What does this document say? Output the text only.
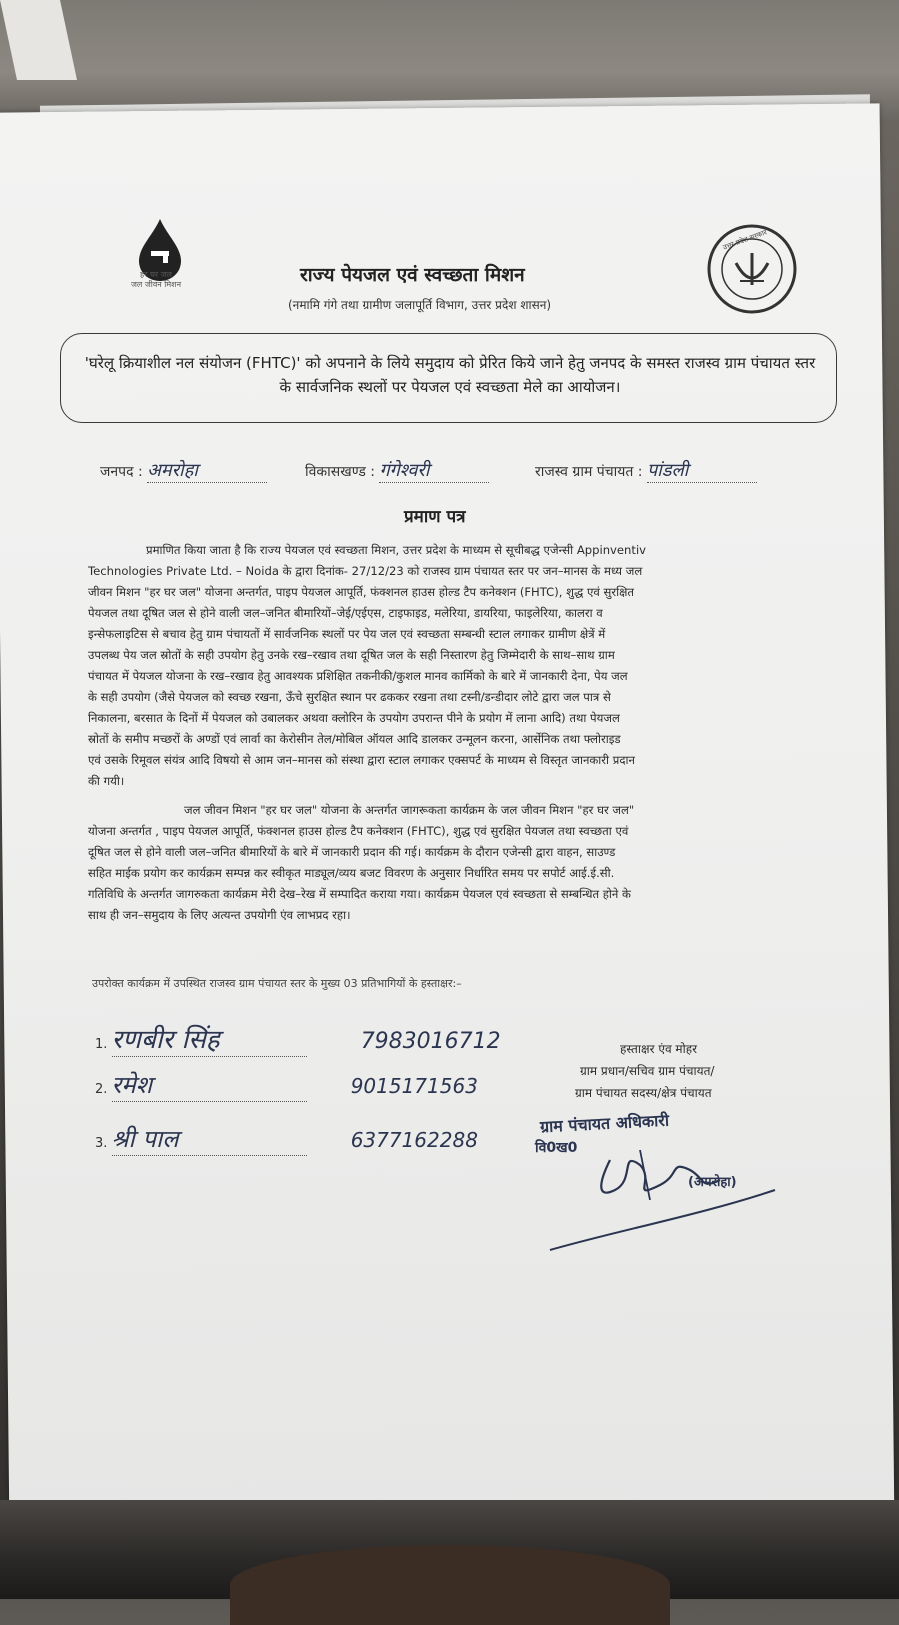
हर घर जल
जल जीवन मिशन	राज्य पेयजल एवं स्वच्छता मिशन
(नमामि गंगे तथा ग्रामीण जलापूर्ति विभाग, उत्तर प्रदेश शासन)
उत्तर प्रदेश सरकार
'घरेलू क्रियाशील नल संयोजन (FHTC)' को अपनाने के लिये समुदाय को प्रेरित किये जाने हेतु जनपद के समस्त राजस्व ग्राम पंचायत स्तर के सार्वजनिक स्थलों पर पेयजल एवं स्वच्छता मेले का आयोजन।
जनपद : अमरोहा	विकासखण्ड : गंगेश्वरी	राजस्व ग्राम पंचायत : पांडली
प्रमाण पत्र
प्रमाणित किया जाता है कि राज्य पेयजल एवं स्वच्छता मिशन, उत्तर प्रदेश के माध्यम से सूचीबद्ध एजेन्सी Appinventiv
Technologies Private Ltd. – Noida के द्वारा दिनांक- 27/12/23 को राजस्व ग्राम पंचायत स्तर पर जन–मानस के मध्य जल
जीवन मिशन "हर घर जल" योजना अन्तर्गत, पाइप पेयजल आपूर्ति, फंक्शनल हाउस होल्ड टैप कनेक्शन (FHTC), शुद्ध एवं सुरक्षित
पेयजल तथा दूषित जल से होने वाली जल–जनित बीमारियों–जेई/एईएस, टाइफाइड, मलेरिया, डायरिया, फाइलेरिया, कालरा व
इन्सेफलाइटिस से बचाव हेतु ग्राम पंचायतों में सार्वजनिक स्थलों पर पेय जल एवं स्वच्छता सम्बन्धी स्टाल लगाकर ग्रामीण क्षेत्रें में
उपलब्ध पेय जल स्रोतों के सही उपयोग हेतु उनके रख–रखाव तथा दूषित जल के सही निस्तारण हेतु जिम्मेदारी के साथ–साथ ग्राम
पंचायत में पेयजल योजना के रख–रखाव हेतु आवश्यक प्रशिक्षित तकनीकी/कुशल मानव कार्मिको के बारे में जानकारी देना, पेय जल
के सही उपयोग (जैसे पेयजल को स्वच्छ रखना, ऊँचे सुरक्षित स्थान पर ढककर रखना तथा टस्नी/डन्डीदार लोटे द्वारा जल पात्र से
निकालना, बरसात के दिनों में पेयजल को उबालकर अथवा क्लोरिन के उपयोग उपरान्त पीने के प्रयोग में लाना आदि) तथा पेयजल
स्रोतों के समीप मच्छरों के अण्डों एवं लार्वा का केरोसीन तेल/मोबिल ऑयल आदि डालकर उन्मूलन करना, आर्सेनिक तथा फ्लोराइड
एवं उसके रिमूवल संयंत्र आदि विषयो से आम जन–मानस को संस्था द्वारा स्टाल लगाकर एक्सपर्ट के माध्यम से विस्तृत जानकारी प्रदान
की गयी।
जल जीवन मिशन "हर घर जल" योजना के अन्तर्गत जागरूकता कार्यक्रम के जल जीवन मिशन "हर घर जल"
योजना अन्तर्गत , पाइप पेयजल आपूर्ति, फंक्शनल हाउस होल्ड टैप कनेक्शन (FHTC), शुद्ध एवं सुरक्षित पेयजल तथा स्वच्छता एवं
दूषित जल से होने वाली जल–जनित बीमारियों के बारे में जानकारी प्रदान की गई। कार्यक्रम के दौरान एजेन्सी द्वारा वाहन, साउण्ड
सहित माईक प्रयोग कर कार्यक्रम सम्पन्न कर स्वीकृत माड्यूल/व्यय बजट विवरण के अनुसार निर्धारित समय पर सपोर्ट आई.ई.सी.
गतिविधि के अन्तर्गत जागरुकता कार्यक्रम मेरी देख–रेख में सम्पादित कराया गया। कार्यक्रम पेयजल एवं स्वच्छता से सम्बन्धित होने के
साथ ही जन–समुदाय के लिए अत्यन्त उपयोगी एंव लाभप्रद रहा।
उपरोक्त कार्यक्रम में उपस्थित राजस्व ग्राम पंचायत स्तर के मुख्य 03 प्रतिभागियों के हस्ताक्षर:–
1. रणबीर सिंह	7983016712
2. रमेश	9015171563
3. श्री पाल	6377162288
हस्ताक्षर एंव मोहर
ग्राम प्रधान/सचिव ग्राम पंचायत/
ग्राम पंचायत सदस्य/क्षेत्र पंचायत
ग्राम पंचायत अधिकारी
वि0ख0
(अमरोहा)
